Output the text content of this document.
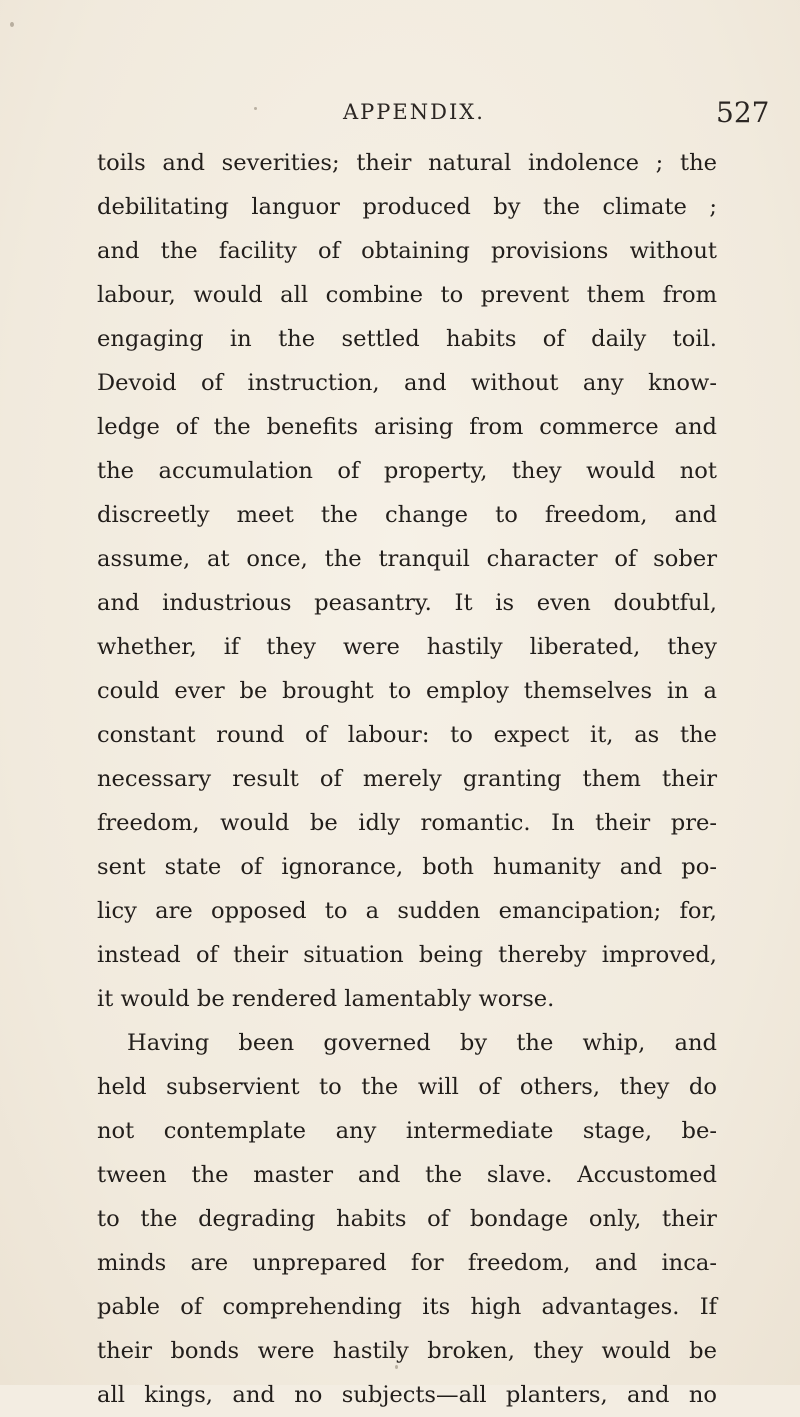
APPENDIX.	527
toils and severities; their natural indolence ; the
debilitating languor produced by the climate ;
and the facility of obtaining provisions without
labour, would all combine to prevent them from
engaging in the settled habits of daily toil.
Devoid of instruction, and without any know-
ledge of the benefits arising from commerce and
the accumulation of property, they would not
discreetly meet the change to freedom, and
assume, at once, the tranquil character of sober
and industrious peasantry. It is even doubtful,
whether, if they were hastily liberated, they
could ever be brought to employ themselves in a
constant round of labour: to expect it, as the
necessary result of merely granting them their
freedom, would be idly romantic. In their pre-
sent state of ignorance, both humanity and po-
licy are opposed to a sudden emancipation; for,
instead of their situation being thereby improved,
it would be rendered lamentably worse.
Having been governed by the whip, and
held subservient to the will of others, they do
not contemplate any intermediate stage, be-
tween the master and the slave. Accustomed
to the degrading habits of bondage only, their
minds are unprepared for freedom, and inca-
pable of comprehending its high advantages. If
their bonds were hastily broken, they would be
all kings, and no subjects—all planters, and no
